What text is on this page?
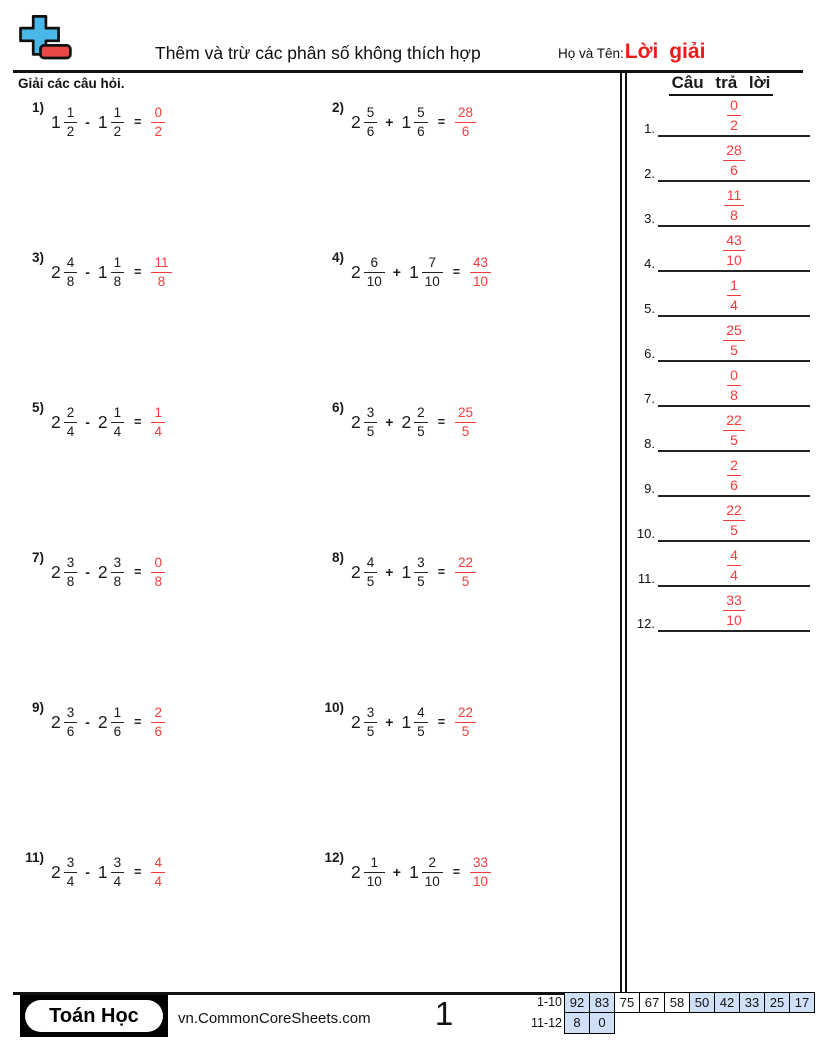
Thêm và trừ các phân số không thích hợp	Họ và Tên: Lời giải
Giải các câu hỏi.
1)
$1 \frac{1}{2} - 1 \frac{1}{2} = \frac{0}{2}$	2)
$2 \frac{5}{6} + 1 \frac{5}{6} = \frac{28}{6}$
3)
$2 \frac{4}{8} - 1 \frac{1}{8} = \frac{11}{8}$	4)
$2 \frac{6}{10} + 1 \frac{7}{10} = \frac{43}{10}$
5)
$2 \frac{2}{4} - 2 \frac{1}{4} = \frac{1}{4}$	6)
$2 \frac{3}{5} + 2 \frac{2}{5} = \frac{25}{5}$
7)
$2 \frac{3}{8} - 2 \frac{3}{8} = \frac{0}{8}$	8)
$2 \frac{4}{5} + 1 \frac{3}{5} = \frac{22}{5}$
9)
$2 \frac{3}{6} - 2 \frac{1}{6} = \frac{2}{6}$	10)
$2 \frac{3}{5} + 1 \frac{4}{5} = \frac{22}{5}$
11)
$2 \frac{3}{4} - 1 \frac{3}{4} = \frac{4}{4}$	12)
$2 \frac{1}{10} + 1 \frac{2}{10} = \frac{33}{10}$
Câu trả lời
1.	$\frac{0}{2}$
2.	$\frac{28}{6}$
3.	$\frac{11}{8}$
4.	$\frac{43}{10}$
5.	$\frac{1}{4}$
6.	$\frac{25}{5}$
7.	$\frac{0}{8}$
8.	$\frac{22}{5}$
9.	$\frac{2}{6}$
10.	$\frac{22}{5}$
11.	$\frac{4}{4}$
12.	$\frac{33}{10}$
Toán Học	vn.CommonCoreSheets.com	1	1-10 92 83 75 67 58 50 42 33 25 17
11-12 8	0
